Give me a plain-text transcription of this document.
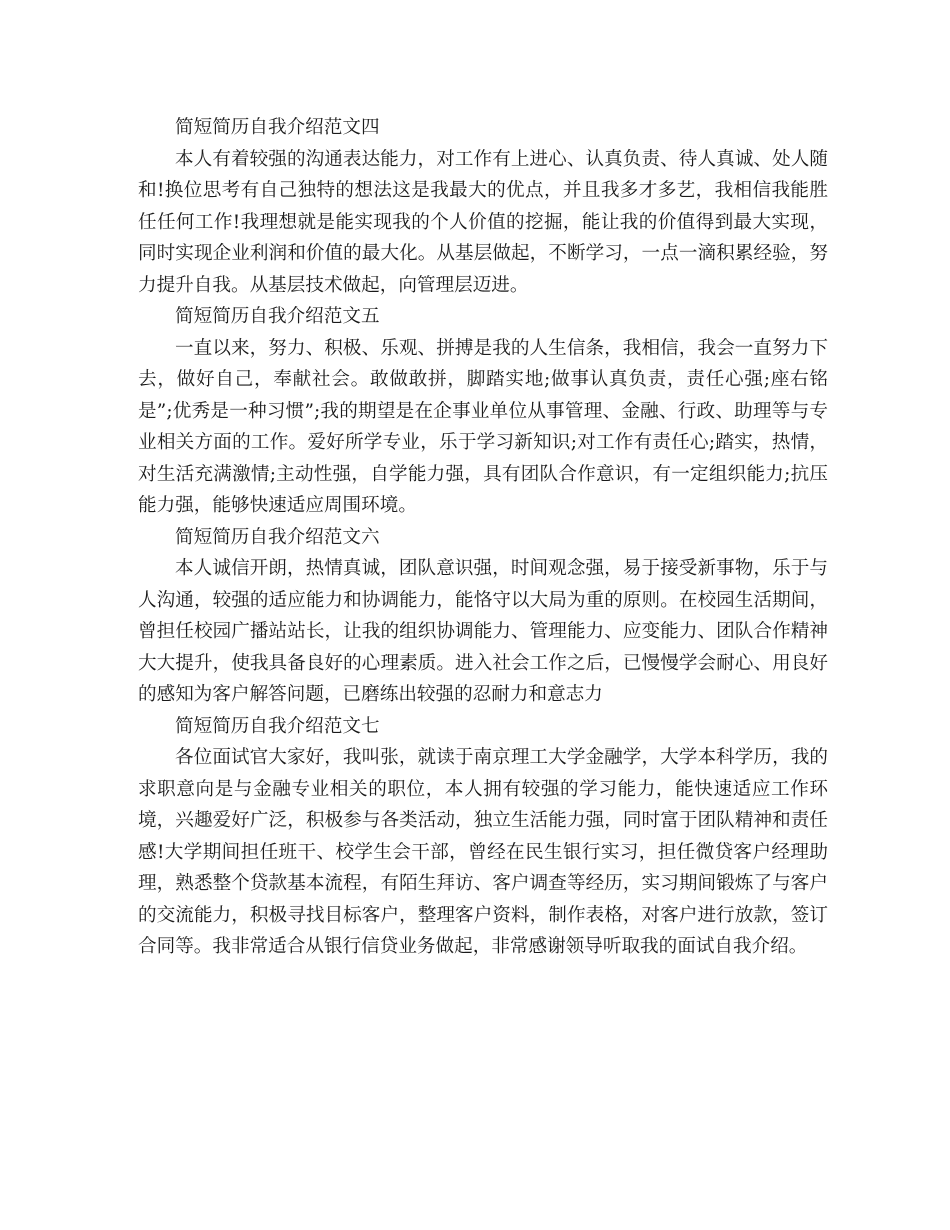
简短简历自我介绍范文四

本人有着较强的沟通表达能力，对工作有上进心、认真负责、待人真诚、处人随和!换位思考有自己独特的想法这是我最大的优点，并且我多才多艺，我相信我能胜任任何工作!我理想就是能实现我的个人价值的挖掘，能让我的价值得到最大实现，同时实现企业利润和价值的最大化。从基层做起，不断学习，一点一滴积累经验，努力提升自我。从基层技术做起，向管理层迈进。

简短简历自我介绍范文五

一直以来，努力、积极、乐观、拼搏是我的人生信条，我相信，我会一直努力下去，做好自己，奉献社会。敢做敢拼，脚踏实地;做事认真负责，责任心强;座右铭是”;优秀是一种习惯”;我的期望是在企事业单位从事管理、金融、行政、助理等与专业相关方面的工作。爱好所学专业，乐于学习新知识;对工作有责任心;踏实，热情，对生活充满激情;主动性强，自学能力强，具有团队合作意识，有一定组织能力;抗压能力强，能够快速适应周围环境。

简短简历自我介绍范文六

本人诚信开朗，热情真诚，团队意识强，时间观念强，易于接受新事物，乐于与人沟通，较强的适应能力和协调能力，能恪守以大局为重的原则。在校园生活期间，曾担任校园广播站站长，让我的组织协调能力、管理能力、应变能力、团队合作精神大大提升，使我具备良好的心理素质。进入社会工作之后，已慢慢学会耐心、用良好的感知为客户解答问题，已磨练出较强的忍耐力和意志力

简短简历自我介绍范文七

各位面试官大家好，我叫张，就读于南京理工大学金融学，大学本科学历，我的求职意向是与金融专业相关的职位，本人拥有较强的学习能力，能快速适应工作环境，兴趣爱好广泛，积极参与各类活动，独立生活能力强，同时富于团队精神和责任感!大学期间担任班干、校学生会干部，曾经在民生银行实习，担任微贷客户经理助理，熟悉整个贷款基本流程，有陌生拜访、客户调查等经历，实习期间锻炼了与客户的交流能力，积极寻找目标客户，整理客户资料，制作表格，对客户进行放款，签订合同等。我非常适合从银行信贷业务做起，非常感谢领导听取我的面试自我介绍。
